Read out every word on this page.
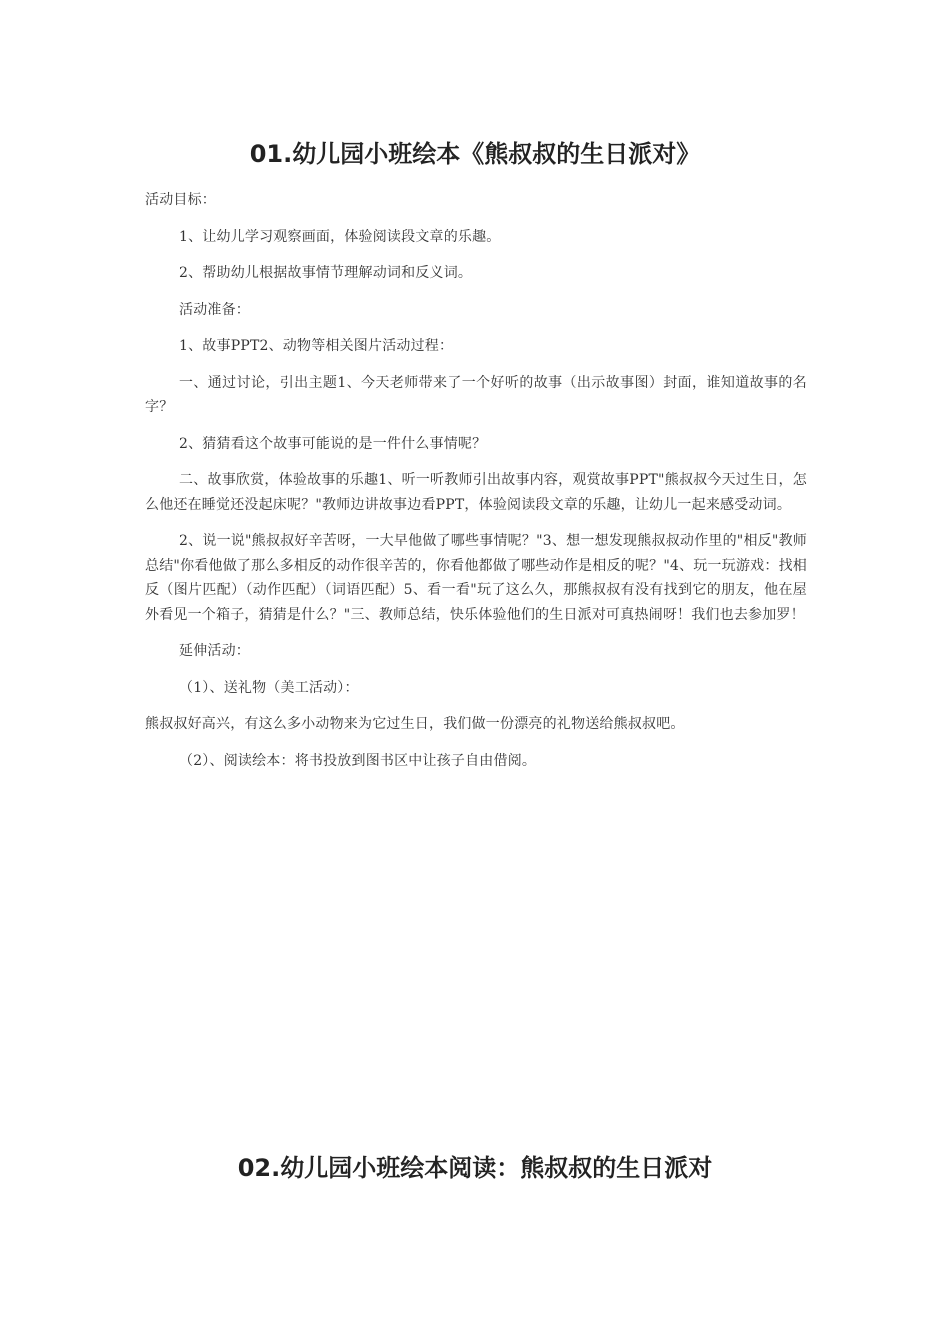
01.幼儿园小班绘本《熊叔叔的生日派对》

活动目标：

1、让幼儿学习观察画面，体验阅读段文章的乐趣。

2、帮助幼儿根据故事情节理解动词和反义词。

活动准备：

1、故事PPT2、动物等相关图片活动过程：

一、通过讨论，引出主题1、今天老师带来了一个好听的故事（出示故事图）封面，谁知道故事的名字？

2、猜猜看这个故事可能说的是一件什么事情呢？

二、故事欣赏，体验故事的乐趣1、听一听教师引出故事内容，观赏故事PPT"熊叔叔今天过生日，怎么他还在睡觉还没起床呢？"教师边讲故事边看PPT，体验阅读段文章的乐趣，让幼儿一起来感受动词。

2、说一说"熊叔叔好辛苦呀，一大早他做了哪些事情呢？"3、想一想发现熊叔叔动作里的"相反"教师总结"你看他做了那么多相反的动作很辛苦的，你看他都做了哪些动作是相反的呢？"4、玩一玩游戏：找相反（图片匹配）（动作匹配）（词语匹配）5、看一看"玩了这么久，那熊叔叔有没有找到它的朋友，他在屋外看见一个箱子，猜猜是什么？"三、教师总结，快乐体验他们的生日派对可真热闹呀！我们也去参加罗！

延伸活动：

（1）、送礼物（美工活动）：

熊叔叔好高兴，有这么多小动物来为它过生日，我们做一份漂亮的礼物送给熊叔叔吧。

（2）、阅读绘本：将书投放到图书区中让孩子自由借阅。

02.幼儿园小班绘本阅读：熊叔叔的生日派对
